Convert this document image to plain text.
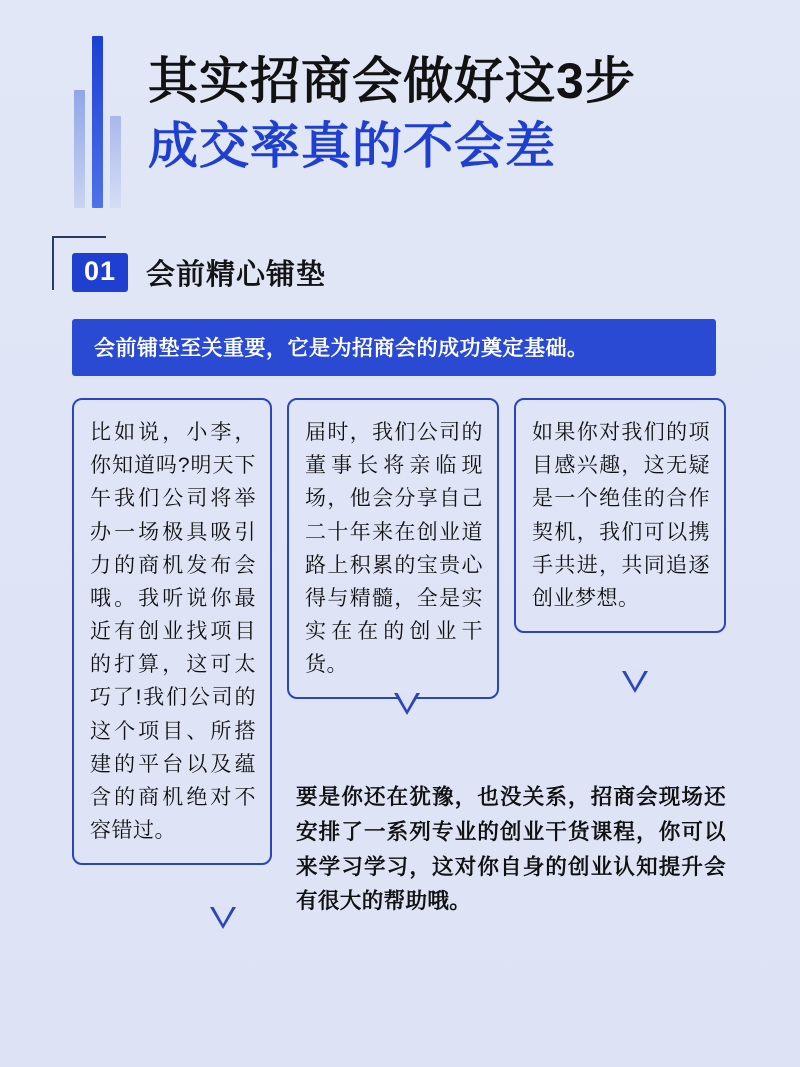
其实招商会做好这3步
成交率真的不会差
01	会前精心铺垫
会前铺垫至关重要，它是为招商会的成功奠定基础。
比如说，小李，你知道吗?明天下午我们公司将举办一场极具吸引力的商机发布会哦。我听说你最近有创业找项目的打算，这可太巧了!我们公司的这个项目、所搭建的平台以及蕴含的商机绝对不容错过。
届时，我们公司的董事长将亲临现场，他会分享自己二十年来在创业道路上积累的宝贵心得与精髓，全是实实在在的创业干货。
如果你对我们的项目感兴趣，这无疑是一个绝佳的合作契机，我们可以携手共进，共同追逐创业梦想。
要是你还在犹豫，也没关系，招商会现场还安排了一系列专业的创业干货课程，你可以来学习学习，这对你自身的创业认知提升会有很大的帮助哦。
